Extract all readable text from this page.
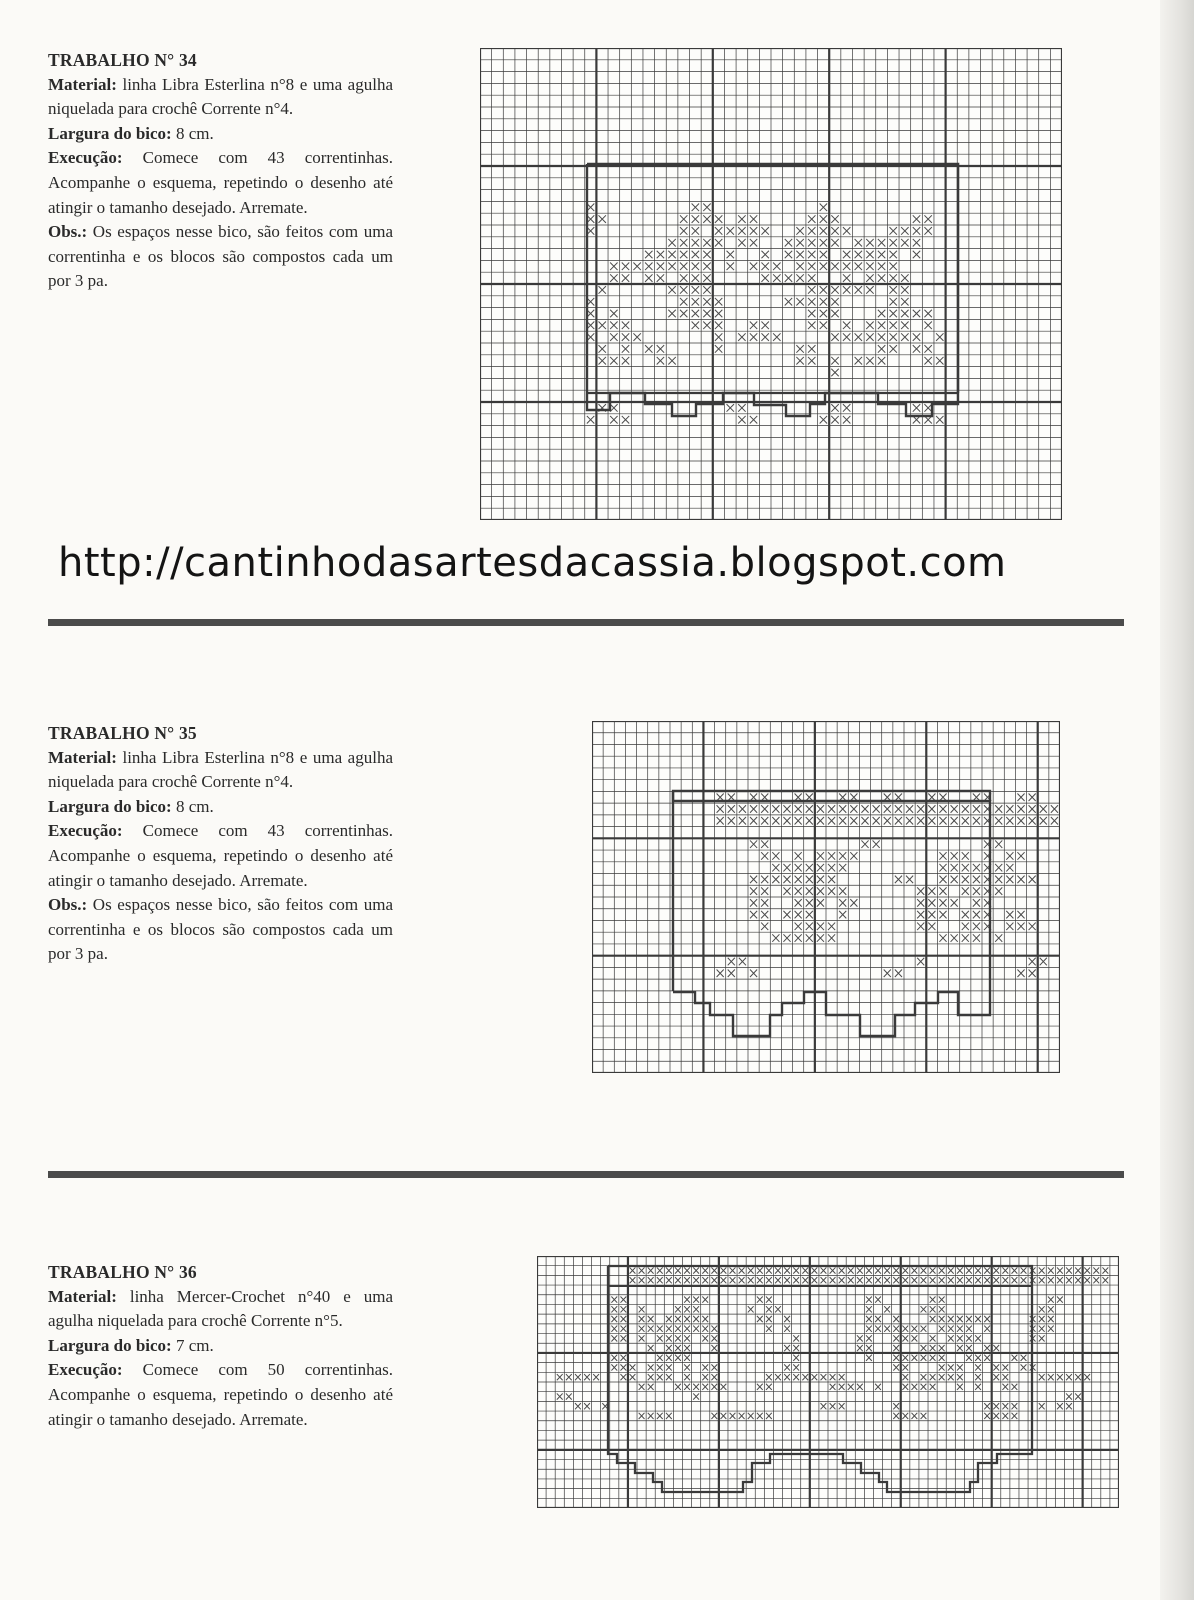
TRABALHO N° 34

Material: linha Libra Esterlina n°8 e uma agulha niquelada para crochê Corrente n°4.

Largura do bico: 8 cm.

Execução: Comece com 43 correntinhas. Acompanhe o esquema, repetindo o desenho até atingir o tamanho desejado. Arremate.

Obs.: Os espaços nesse bico, são feitos com uma correntinha e os blocos são compostos cada um por 3 pa.

http://cantinhodasartesdacassia.blogspot.com
TRABALHO N° 35

Material: linha Libra Esterlina n°8 e uma agulha niquelada para crochê Corrente n°4.

Largura do bico: 8 cm.

Execução: Comece com 43 correntinhas. Acompanhe o esquema, repetindo o desenho até atingir o tamanho desejado. Arremate.

Obs.: Os espaços nesse bico, são feitos com uma correntinha e os blocos são compostos cada um por 3 pa.

TRABALHO N° 36

Material: linha Mercer-Crochet n°40 e uma agulha niquelada para crochê Corrente n°5.

Largura do bico: 7 cm.

Execução: Comece com 50 correntinhas. Acompanhe o esquema, repetindo o desenho até atingir o tamanho desejado. Arremate.
